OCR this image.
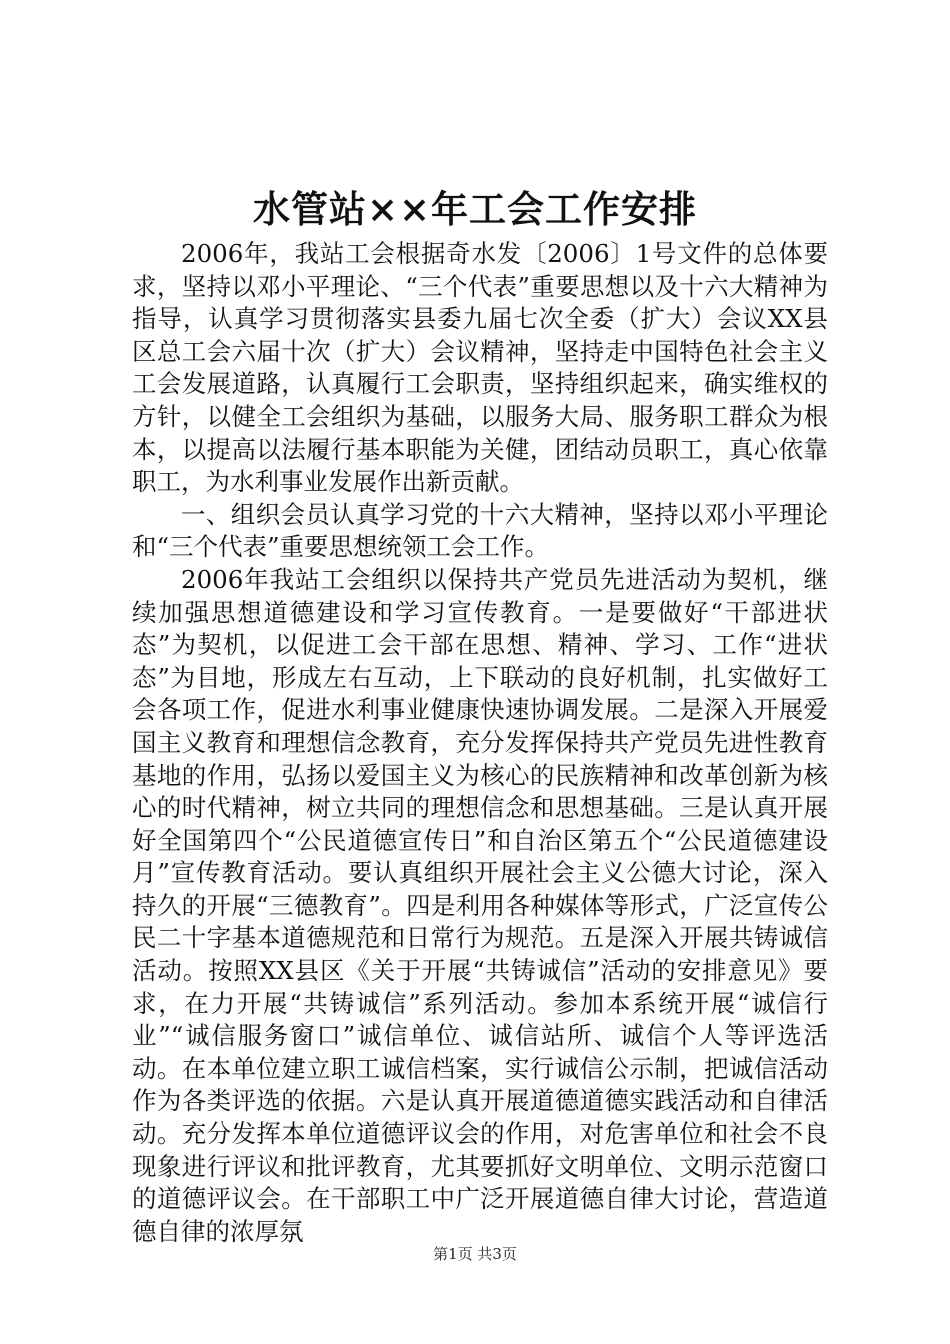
水管站××年工会工作安排

2006年，我站工会根据奇水发〔2006〕1号文件的总体要求，坚持以邓小平理论、“三个代表”重要思想以及十六大精神为指导，认真学习贯彻落实县委九届七次全委（扩大）会议XX县区总工会六届十次（扩大）会议精神，坚持走中国特色社会主义工会发展道路，认真履行工会职责，坚持组织起来，确实维权的方针，以健全工会组织为基础，以服务大局、服务职工群众为根本，以提高以法履行基本职能为关健，团结动员职工，真心依靠职工，为水利事业发展作出新贡献。

一、组织会员认真学习党的十六大精神，坚持以邓小平理论和“三个代表”重要思想统领工会工作。

2006年我站工会组织以保持共产党员先进活动为契机，继续加强思想道德建设和学习宣传教育。一是要做好“干部进状态”为契机，以促进工会干部在思想、精神、学习、工作“进状态”为目地，形成左右互动，上下联动的良好机制，扎实做好工会各项工作，促进水利事业健康快速协调发展。二是深入开展爱国主义教育和理想信念教育，充分发挥保持共产党员先进性教育基地的作用，弘扬以爱国主义为核心的民族精神和改革创新为核心的时代精神，树立共同的理想信念和思想基础。三是认真开展好全国第四个“公民道德宣传日”和自治区第五个“公民道德建设月”宣传教育活动。要认真组织开展社会主义公德大讨论，深入持久的开展“三德教育”。四是利用各种媒体等形式，广泛宣传公民二十字基本道德规范和日常行为规范。五是深入开展共铸诚信活动。按照XX县区《关于开展“共铸诚信”活动的安排意见》要求，在力开展“共铸诚信”系列活动。参加本系统开展“诚信行业”“诚信服务窗口”诚信单位、诚信站所、诚信个人等评选活动。在本单位建立职工诚信档案，实行诚信公示制，把诚信活动作为各类评选的依据。六是认真开展道德道德实践活动和自律活动。充分发挥本单位道德评议会的作用，对危害单位和社会不良现象进行评议和批评教育，尤其要抓好文明单位、文明示范窗口的道德评议会。在干部职工中广泛开展道德自律大讨论，营造道德自律的浓厚氛

第1页 共3页
